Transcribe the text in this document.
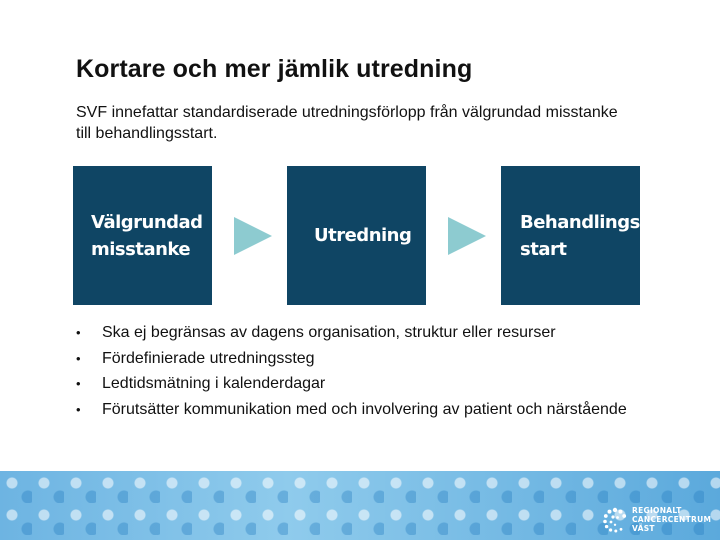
Kortare och mer jämlik utredning
SVF innefattar standardiserade utredningsförlopp från välgrundad misstanke till behandlingsstart.
Välgrundad
misstanke
Utredning
Behandlings-
start
• Ska ej begränsas av dagens organisation, struktur eller resurser
• Fördefinierade utredningssteg
• Ledtidsmätning i kalenderdagar
• Förutsätter kommunikation med och involvering av patient och närstående
REGIONALT
CANCERCENTRUM
VÄST
